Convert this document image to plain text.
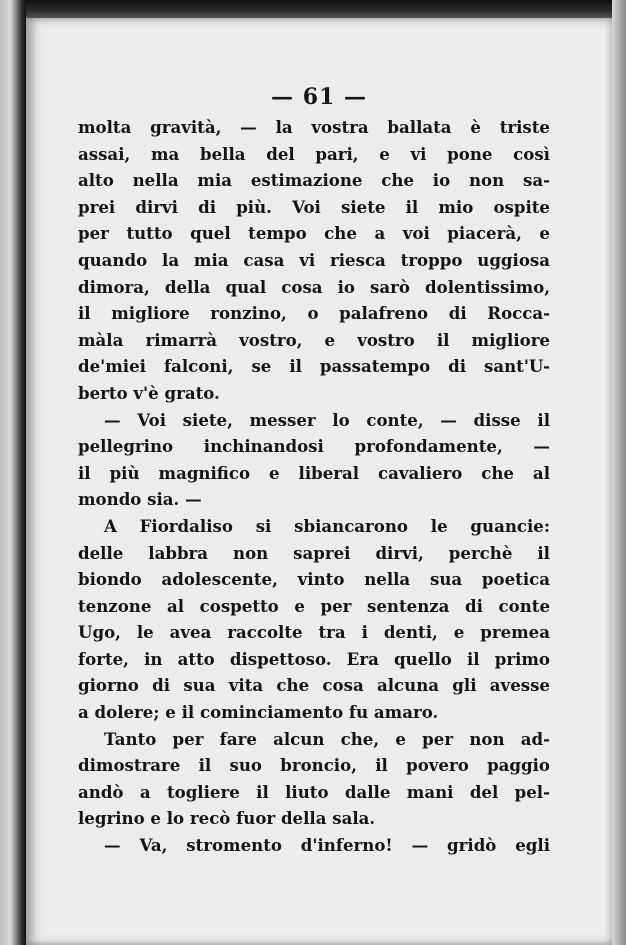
— 61 —
molta gravità, — la vostra ballata è triste
assai, ma bella del pari, e vi pone così
alto nella mia estimazione che io non sa-
prei dirvi di più. Voi siete il mio ospite
per tutto quel tempo che a voi piacerà, e
quando la mia casa vi riesca troppo uggiosa
dimora, della qual cosa io sarò dolentissimo,
il migliore ronzino, o palafreno di Rocca-
màla rimarrà vostro, e vostro il migliore
de'miei falconi, se il passatempo di sant'U-
berto v'è grato.
— Voi siete, messer lo conte, — disse il
pellegrino inchinandosi profondamente, —
il più magnifico e liberal cavaliero che al
mondo sia. —
A Fiordaliso si sbiancarono le guancie:
delle labbra non saprei dirvi, perchè il
biondo adolescente, vinto nella sua poetica
tenzone al cospetto e per sentenza di conte
Ugo, le avea raccolte tra i denti, e premea
forte, in atto dispettoso. Era quello il primo
giorno di sua vita che cosa alcuna gli avesse
a dolere; e il cominciamento fu amaro.
Tanto per fare alcun che, e per non ad-
dimostrare il suo broncio, il povero paggio
andò a togliere il liuto dalle mani del pel-
legrino e lo recò fuor della sala.
— Va, stromento d'inferno! — gridò egli
